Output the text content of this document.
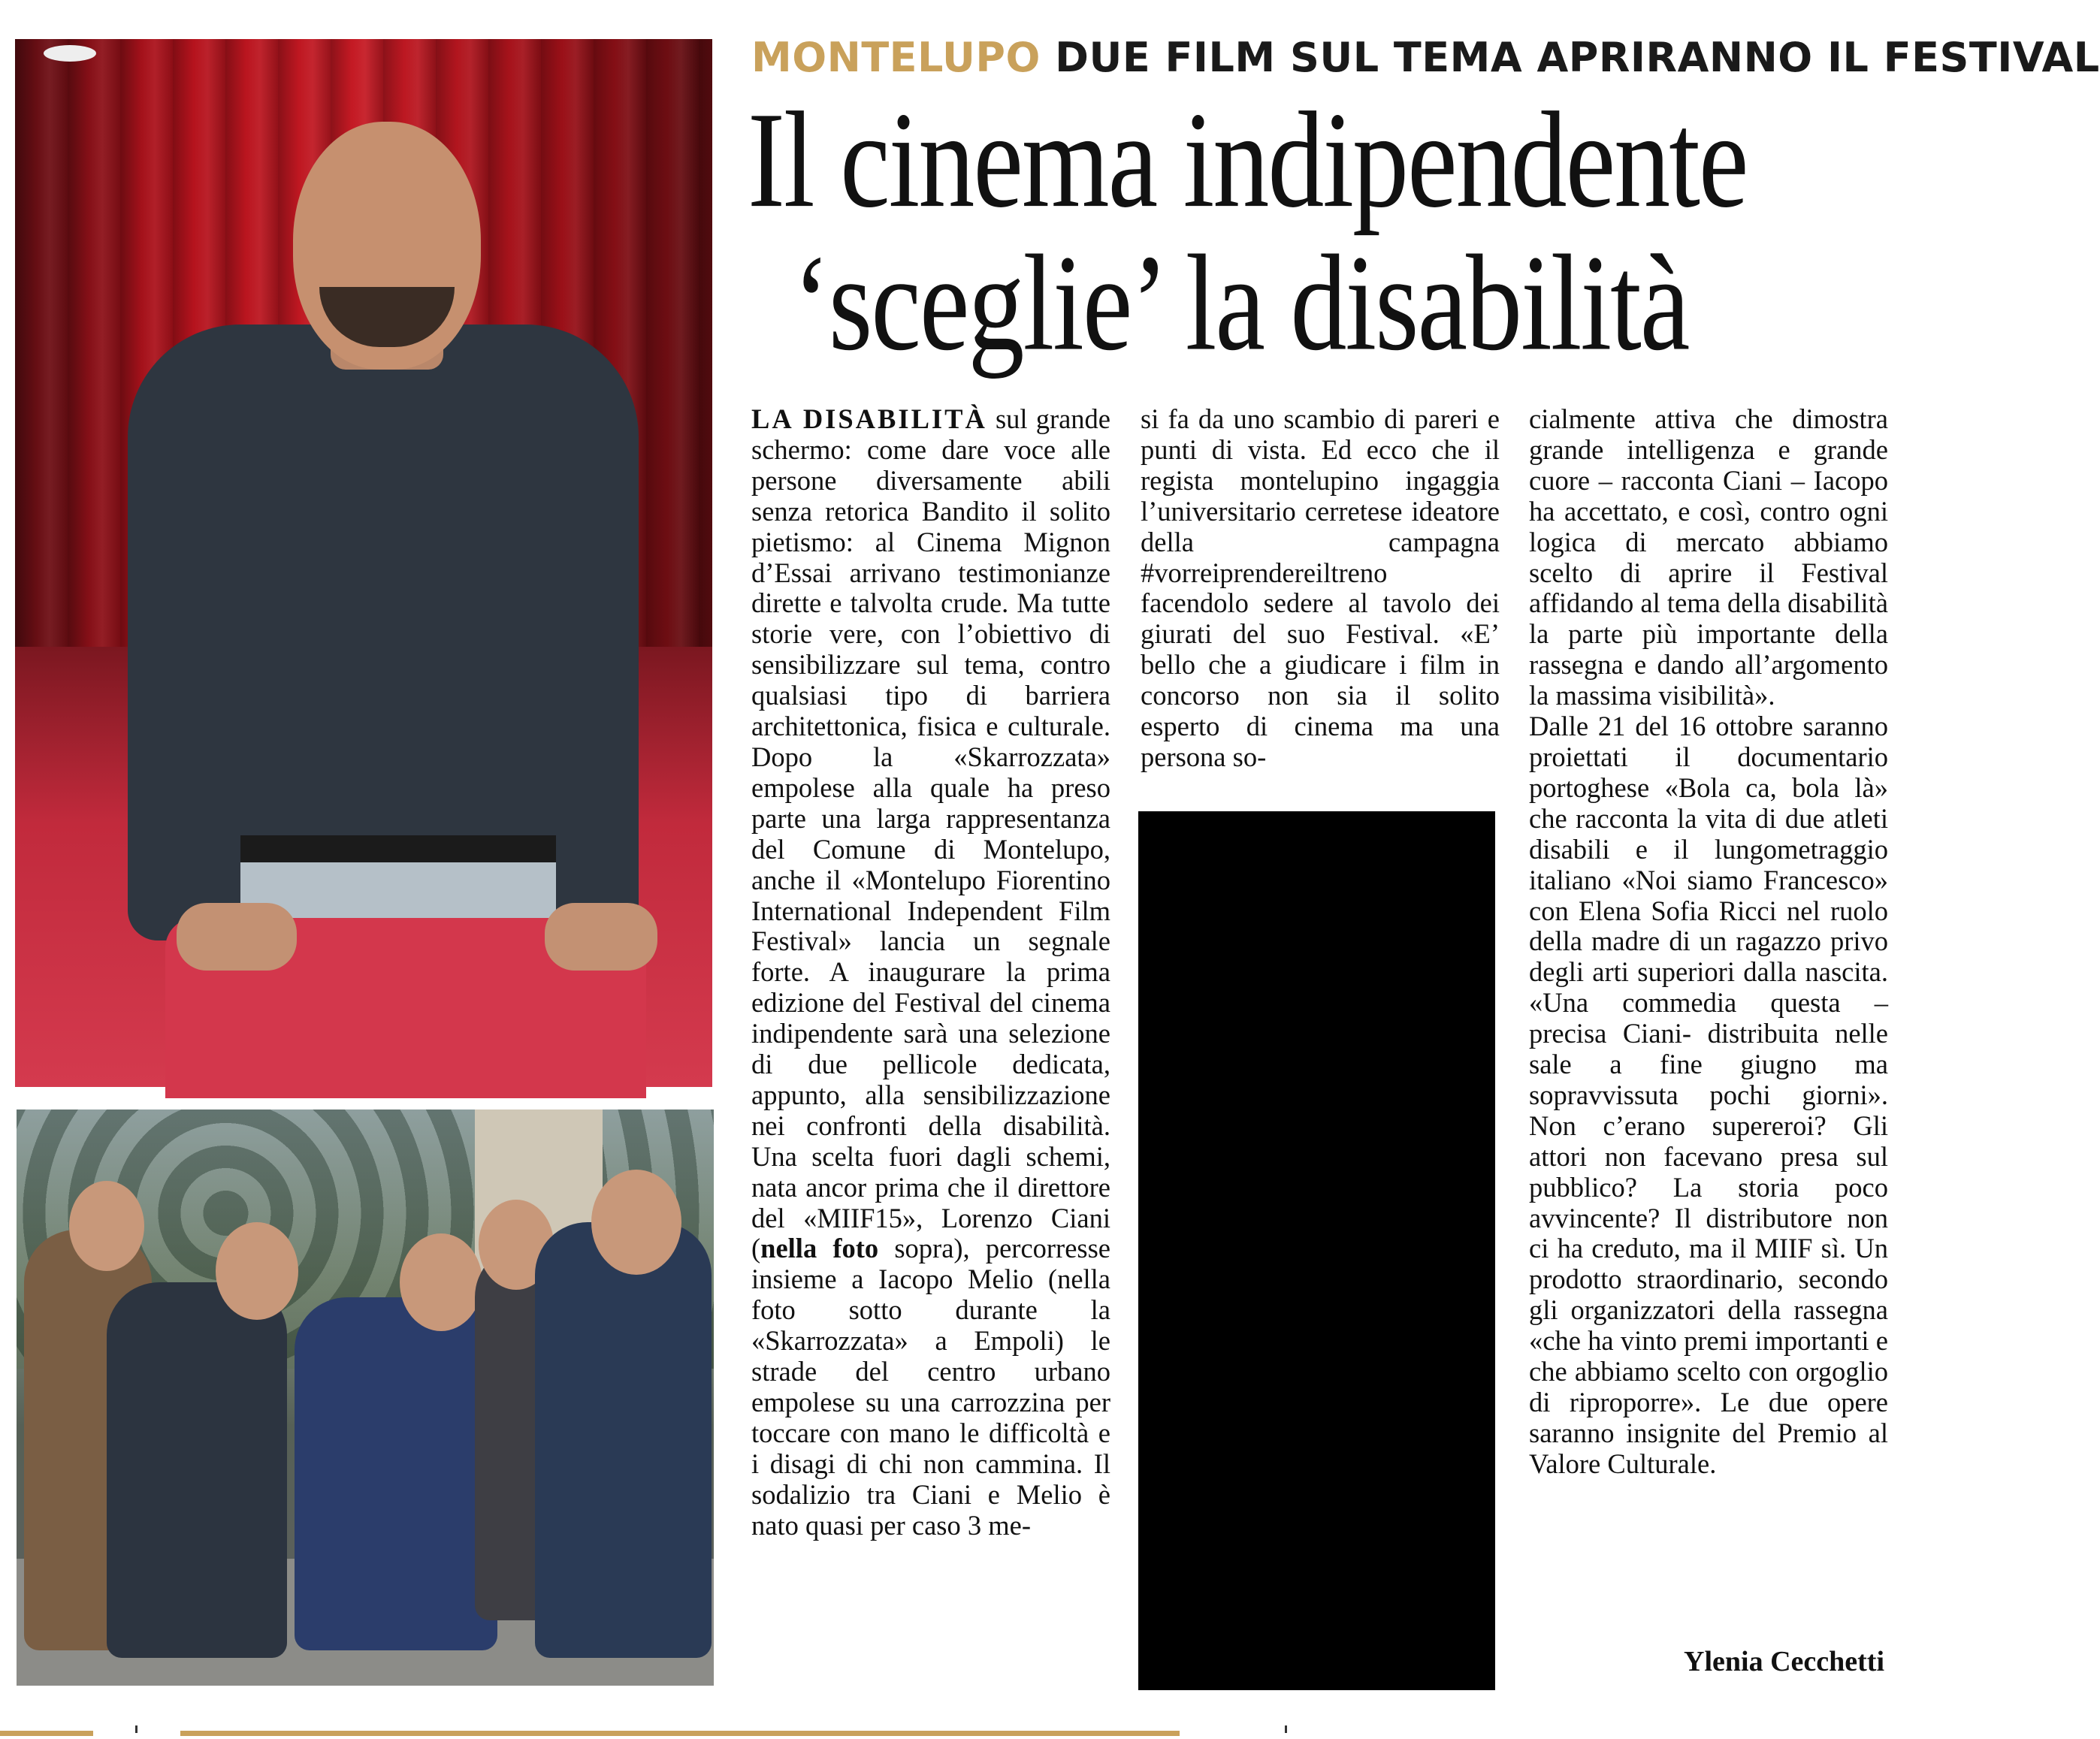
MONTELUPO DUE FILM SUL TEMA APRIRANNO IL FESTIVAL
Il cinema indipendente
‘sceglie’ la disabilità

LA DISABILITÀ sul grande schermo: come dare voce alle persone diversamente abili senza retorica Bandito il solito pietismo: al Cinema Mignon d’Essai arrivano testimonianze dirette e talvolta crude. Ma tutte storie vere, con l’obiettivo di sensibilizzare sul tema, contro qualsiasi tipo di barriera architettonica, fisica e culturale. Dopo la «Skarrozzata» empolese alla quale ha preso parte una larga rappresentanza del Comune di Montelupo, anche il «Montelupo Fiorentino International Independent Film Festival» lancia un segnale forte. A inaugurare la prima edizione del Festival del cinema indipendente sarà una selezione di due pellicole dedicata, appunto, alla sensibilizzazione nei confronti della disabilità. Una scelta fuori dagli schemi, nata ancor prima che il direttore del «MIIF15», Lorenzo Ciani (nella foto sopra), percorresse insieme a Iacopo Melio (nella foto sotto durante la «Skarrozzata» a Empoli) le strade del centro urbano empolese su una carrozzina per toccare con mano le difficoltà e i disagi di chi non cammina. Il sodalizio tra Ciani e Melio è nato quasi per caso 3 me-

si fa da uno scambio di pareri e punti di vista. Ed ecco che il regista montelupino ingaggia l’universitario cerretese ideatore della campagna #vorreiprendereiltreno facendolo sedere al tavolo dei giurati del suo Festival. «E’ bello che a giudicare i film in concorso non sia il solito esperto di cinema ma una persona so-

cialmente attiva che dimostra grande intelligenza e grande cuore – racconta Ciani – Iacopo ha accettato, e così, contro ogni logica di mercato abbiamo scelto di aprire il Festival affidando al tema della disabilità la parte più importante della rassegna e dando all’argomento la massima visibilità».

Dalle 21 del 16 ottobre saranno proiettati il documentario portoghese «Bola ca, bola là» che racconta la vita di due atleti disabili e il lungometraggio italiano «Noi siamo Francesco» con Elena Sofia Ricci nel ruolo della madre di un ragazzo privo degli arti superiori dalla nascita. «Una commedia questa – precisa Ciani- distribuita nelle sale a fine giugno ma sopravvissuta pochi giorni». Non c’erano supereroi? Gli attori non facevano presa sul pubblico? La storia poco avvincente? Il distributore non ci ha creduto, ma il MIIF sì. Un prodotto straordinario, secondo gli organizzatori della rassegna «che ha vinto premi importanti e che abbiamo scelto con orgoglio di riproporre». Le due opere saranno insignite del Premio al Valore Culturale.

Ylenia Cecchetti
